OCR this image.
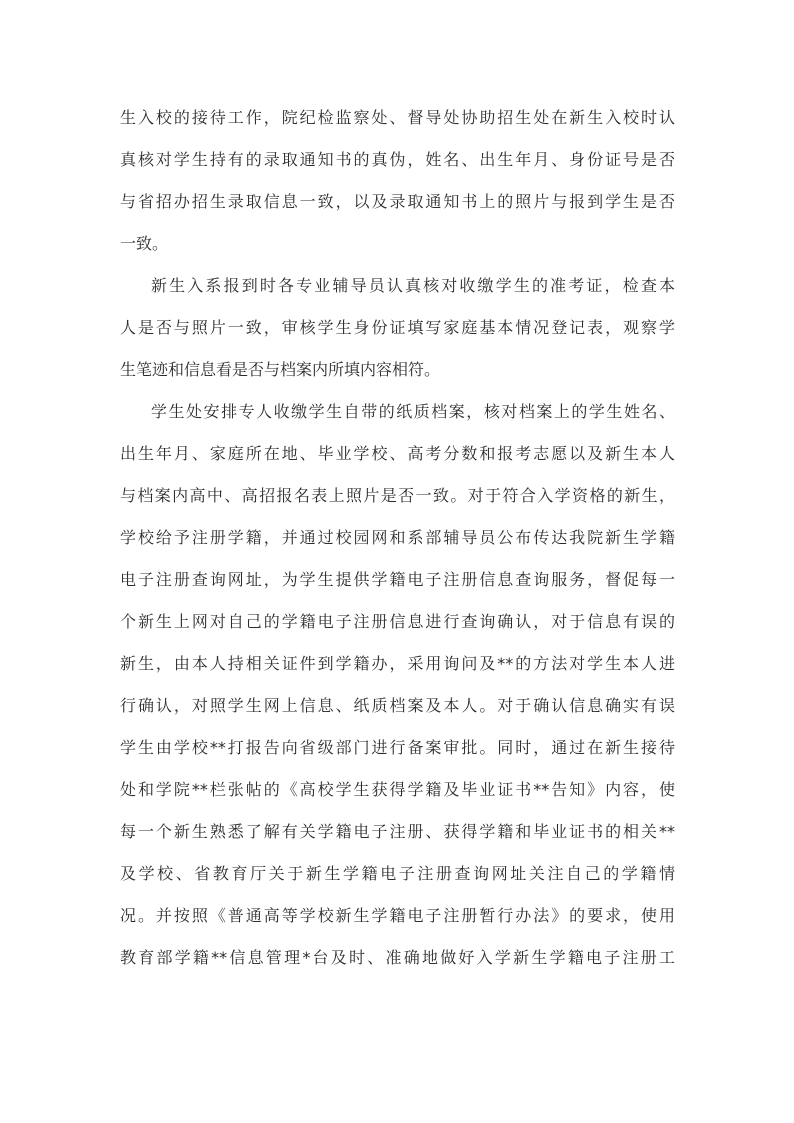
生入校的接待工作，院纪检监察处、督导处协助招生处在新生入校时认
真核对学生持有的录取通知书的真伪，姓名、出生年月、身份证号是否
与省招办招生录取信息一致，以及录取通知书上的照片与报到学生是否
一致。
新生入系报到时各专业辅导员认真核对收缴学生的准考证，检查本
人是否与照片一致，审核学生身份证填写家庭基本情况登记表，观察学
生笔迹和信息看是否与档案内所填内容相符。
学生处安排专人收缴学生自带的纸质档案，核对档案上的学生姓名、
出生年月、家庭所在地、毕业学校、高考分数和报考志愿以及新生本人
与档案内高中、高招报名表上照片是否一致。对于符合入学资格的新生，
学校给予注册学籍，并通过校园网和系部辅导员公布传达我院新生学籍
电子注册查询网址，为学生提供学籍电子注册信息查询服务，督促每一
个新生上网对自己的学籍电子注册信息进行查询确认，对于信息有误的
新生，由本人持相关证件到学籍办，采用询问及**的方法对学生本人进
行确认，对照学生网上信息、纸质档案及本人。对于确认信息确实有误
学生由学校**打报告向省级部门进行备案审批。同时，通过在新生接待
处和学院**栏张帖的《高校学生获得学籍及毕业证书**告知》内容，使
每一个新生熟悉了解有关学籍电子注册、获得学籍和毕业证书的相关**
及学校、省教育厅关于新生学籍电子注册查询网址关注自己的学籍情
况。并按照《普通高等学校新生学籍电子注册暂行办法》的要求，使用
教育部学籍**信息管理*台及时、准确地做好入学新生学籍电子注册工
